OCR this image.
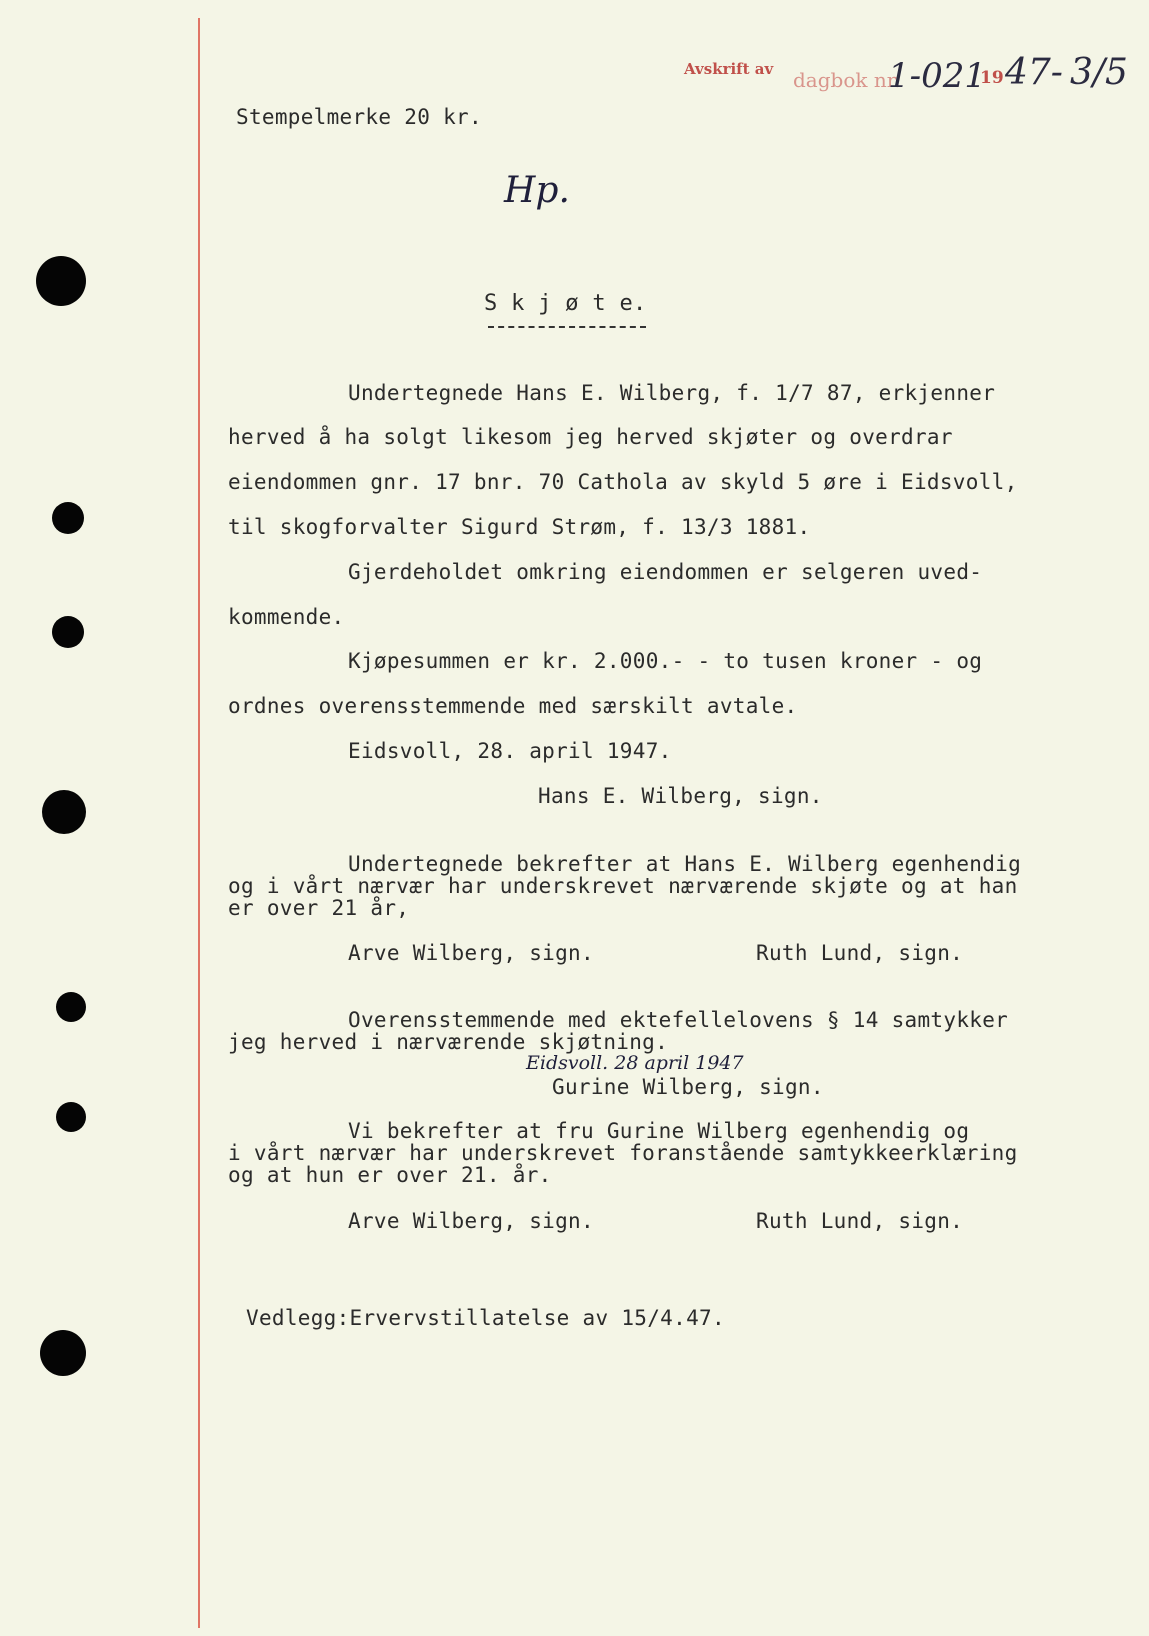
Avskrift av dagbok nr.
1-021
19 47- 3/5
Stempelmerke 20 kr.
Hp.
S k j ø t e.
Undertegnede Hans E. Wilberg, f. 1/7 87, erkjenner
herved å ha solgt likesom jeg herved skjøter og overdrar
eiendommen gnr. 17 bnr. 70 Cathola av skyld 5 øre i Eidsvoll,
til skogforvalter Sigurd Strøm, f. 13/3 1881.
Gjerdeholdet omkring eiendommen er selgeren uved-
kommende.
Kjøpesummen er kr. 2.000.- - to tusen kroner - og
ordnes overensstemmende med særskilt avtale.
Eidsvoll, 28. april 1947.
Hans E. Wilberg, sign.
Undertegnede bekrefter at Hans E. Wilberg egenhendig
og i vårt nærvær har underskrevet nærværende skjøte og at han
er over 21 år,
Arve Wilberg, sign.	Ruth Lund, sign.
Overensstemmende med ektefellelovens § 14 samtykker
jeg herved i nærværende skjøtning.
Eidsvoll. 28 april 1947
Gurine Wilberg, sign.
Vi bekrefter at fru Gurine Wilberg egenhendig og
i vårt nærvær har underskrevet foranstående samtykkeerklæring
og at hun er over 21. år.
Arve Wilberg, sign.	Ruth Lund, sign.
Vedlegg:Ervervstillatelse av 15/4.47.
